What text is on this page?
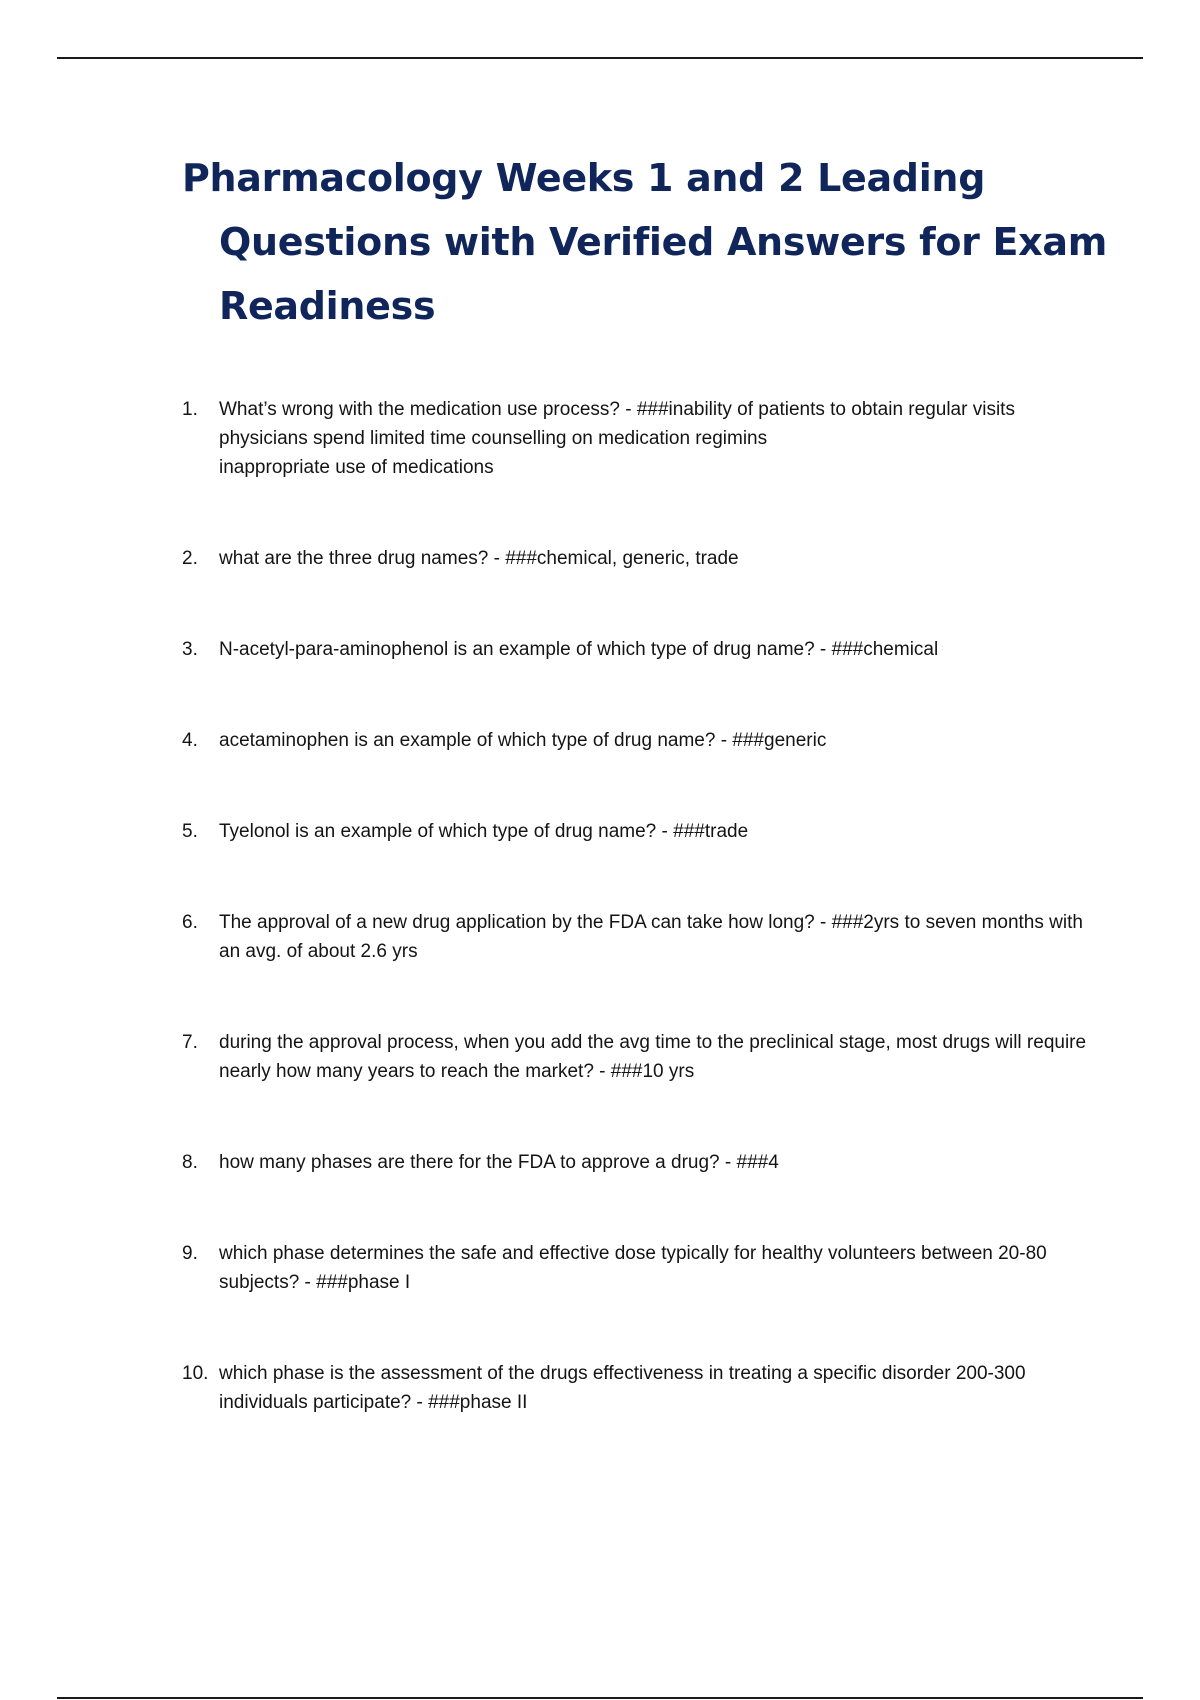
Pharmacology Weeks 1 and 2 Leading Questions with Verified Answers for Exam Readiness
1. What’s wrong with the medication use process? - ###inability of patients to obtain regular visits
physicians spend limited time counselling on medication regimins
inappropriate use of medications
2. what are the three drug names? - ###chemical, generic, trade
3. N-acetyl-para-aminophenol is an example of which type of drug name? - ###chemical
4. acetaminophen is an example of which type of drug name? - ###generic
5. Tyelonol is an example of which type of drug name? - ###trade
6. The approval of a new drug application by the FDA can take how long? - ###2yrs to seven months with an avg. of about 2.6 yrs
7. during the approval process, when you add the avg time to the preclinical stage, most drugs will require nearly how many years to reach the market? - ###10 yrs
8. how many phases are there for the FDA to approve a drug? - ###4
9. which phase determines the safe and effective dose typically for healthy volunteers between 20-80 subjects? - ###phase I
10. which phase is the assessment of the drugs effectiveness in treating a specific disorder 200-300 individuals participate? - ###phase II
